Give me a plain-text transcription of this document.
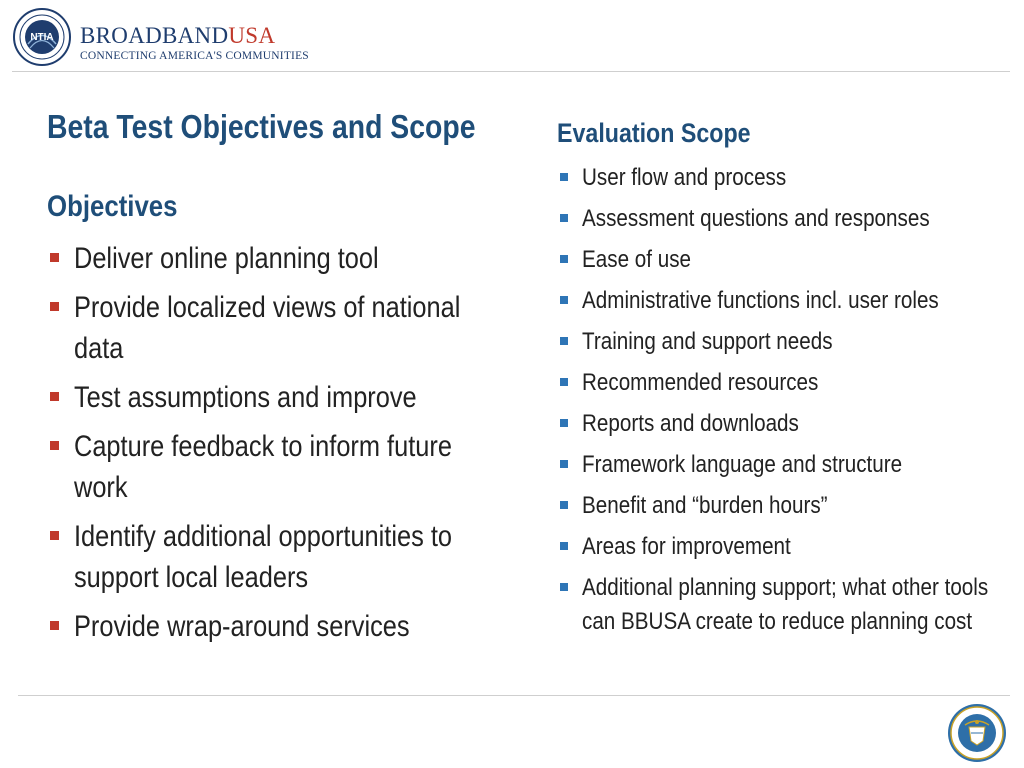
NTIA BROADBANDUSA
CONNECTING AMERICA'S COMMUNITIES
Beta Test Objectives and Scope
Objectives
Deliver online planning tool
Provide localized views of national data
Test assumptions and improve
Capture feedback to inform future work
Identify additional opportunities to support local leaders
Provide wrap-around services
Evaluation Scope
User flow and process
Assessment questions and responses
Ease of use
Administrative functions incl. user roles
Training and support needs
Recommended resources
Reports and downloads
Framework language and structure
Benefit and “burden hours”
Areas for improvement
Additional planning support; what other tools can BBUSA create to reduce planning cost
